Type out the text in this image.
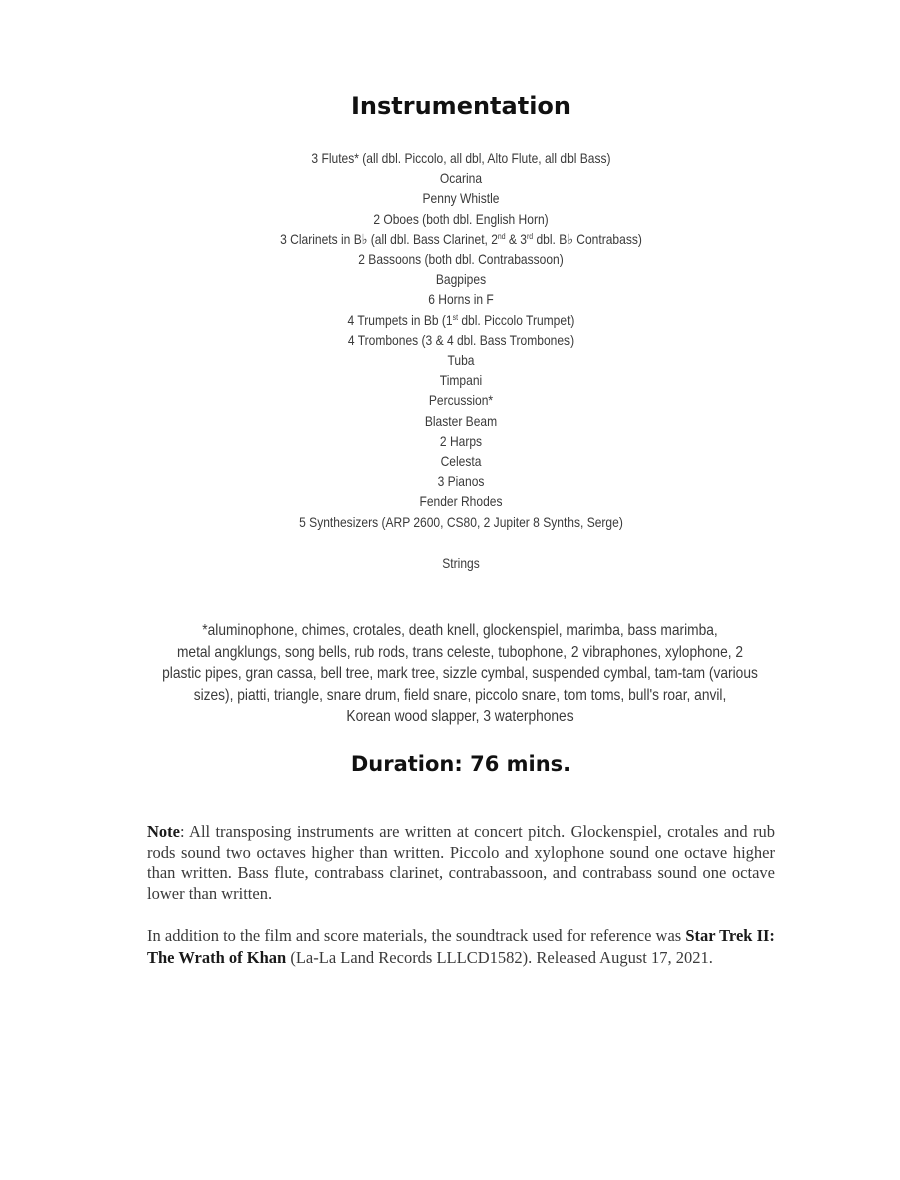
Instrumentation
3 Flutes* (all dbl. Piccolo, all dbl, Alto Flute, all dbl Bass)
Ocarina
Penny Whistle
2 Oboes (both dbl. English Horn)
3 Clarinets in B♭ (all dbl. Bass Clarinet, 2nd & 3rd dbl. B♭ Contrabass)
2 Bassoons (both dbl. Contrabassoon)
Bagpipes
6 Horns in F
4 Trumpets in Bb (1st dbl. Piccolo Trumpet)
4 Trombones (3 & 4 dbl. Bass Trombones)
Tuba
Timpani
Percussion*
Blaster Beam
2 Harps
Celesta
3 Pianos
Fender Rhodes
5 Synthesizers (ARP 2600, CS80, 2 Jupiter 8 Synths, Serge)
Strings
*aluminophone, chimes, crotales, death knell, glockenspiel, marimba, bass marimba,
metal angklungs, song bells, rub rods, trans celeste, tubophone, 2 vibraphones, xylophone, 2
plastic pipes, gran cassa, bell tree, mark tree, sizzle cymbal, suspended cymbal, tam-tam (various
sizes), piatti, triangle, snare drum, field snare, piccolo snare, tom toms, bull's roar, anvil,
Korean wood slapper, 3 waterphones
Duration: 76 mins.
Note: All transposing instruments are written at concert pitch. Glockenspiel, crotales and rub rods sound two octaves higher than written. Piccolo and xylophone sound one octave higher than written. Bass flute, contrabass clarinet, contrabassoon, and contrabass sound one octave lower than written.
In addition to the film and score materials, the soundtrack used for reference was Star Trek II: The Wrath of Khan (La-La Land Records LLLCD1582). Released August 17, 2021.
